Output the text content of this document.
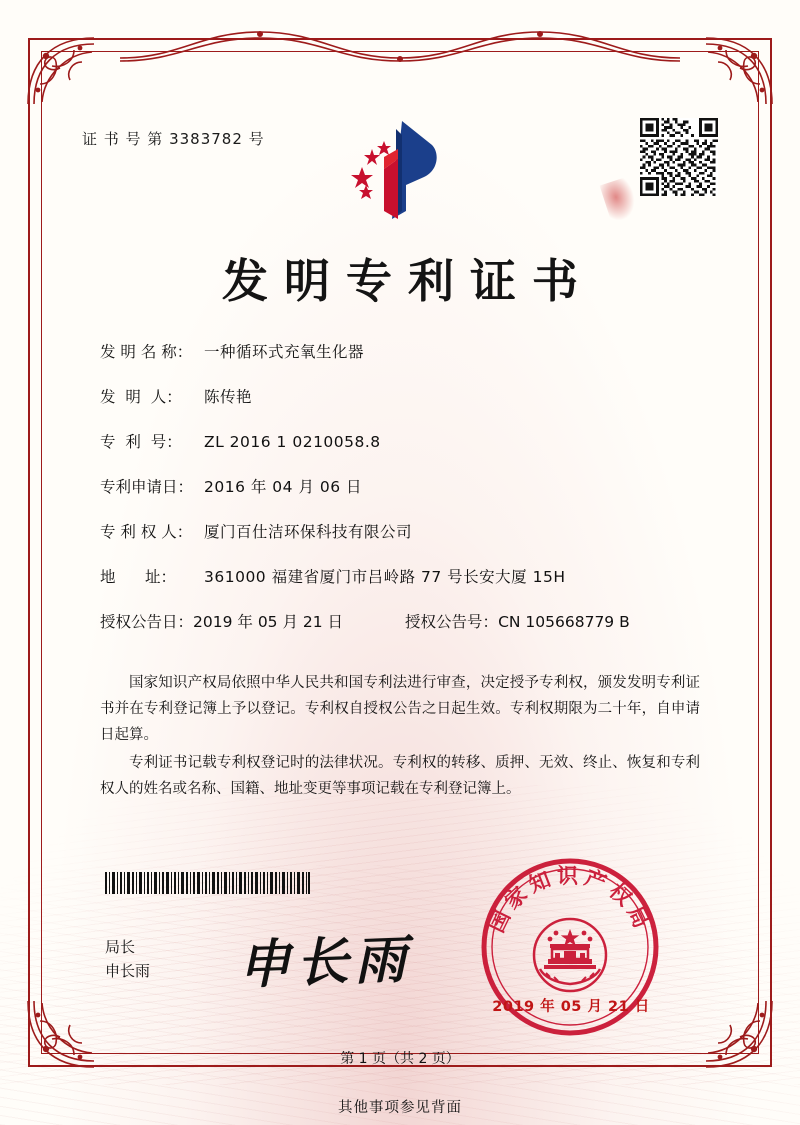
证 书 号 第 3383782 号
发明专利证书
发 明 名 称： 一种循环式充氧生化器
发  明  人：	陈传艳
专  利  号：	ZL 2016 1 0210058.8
专利申请日： 2016 年 04 月 06 日
专 利 权 人： 厦门百仕洁环保科技有限公司
地      址：	361000 福建省厦门市吕岭路 77 号长安大厦 15H
授权公告日： 2019 年 05 月 21 日	授权公告号： CN 105668779 B

国家知识产权局依照中华人民共和国专利法进行审查，决定授予专利权，颁发发明专利证书并在专利登记簿上予以登记。专利权自授权公告之日起生效。专利权期限为二十年，自申请日起算。

专利证书记载专利权登记时的法律状况。专利权的转移、质押、无效、终止、恢复和专利权人的姓名或名称、国籍、地址变更等事项记载在专利登记簿上。

局长
申长雨 申长雨
国家知识产权局
2019 年 05 月 21 日
第 1 页（共 2 页）
其他事项参见背面
